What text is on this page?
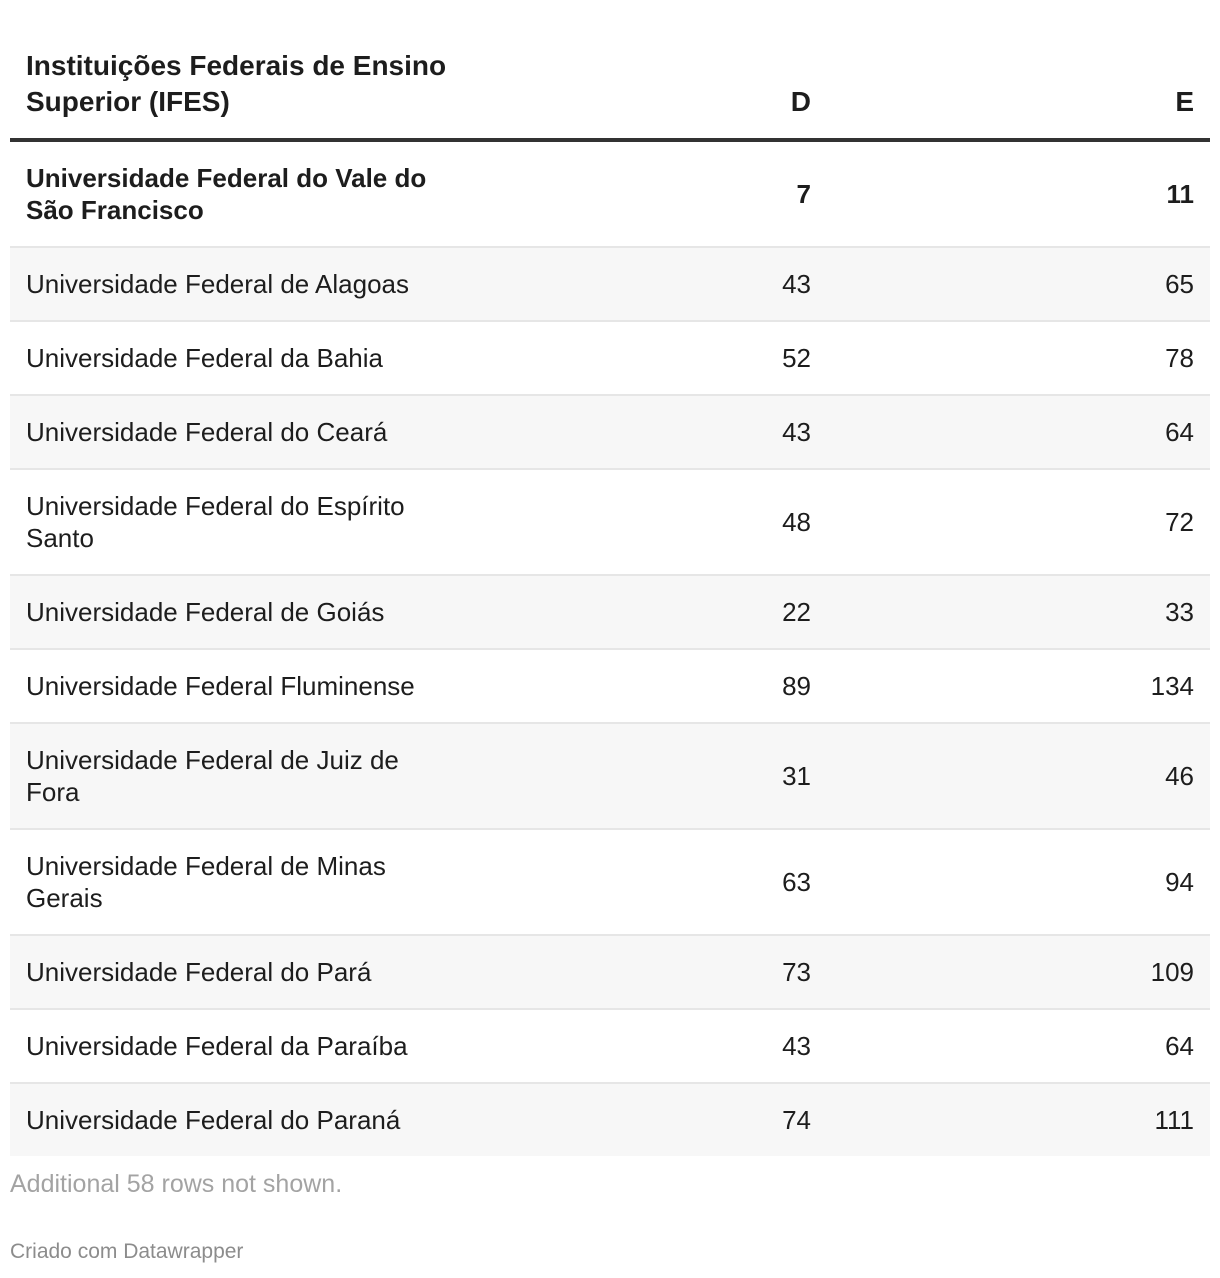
Instituições Federais de Ensino Superior (IFES)	D	E
Universidade Federal do Vale do São Francisco	7	11
Universidade Federal de Alagoas	43	65
Universidade Federal da Bahia	52	78
Universidade Federal do Ceará	43	64
Universidade Federal do Espírito Santo	48	72
Universidade Federal de Goiás	22	33
Universidade Federal Fluminense	89	134
Universidade Federal de Juiz de Fora	31	46
Universidade Federal de Minas Gerais	63	94
Universidade Federal do Pará	73	109
Universidade Federal da Paraíba	43	64
Universidade Federal do Paraná	74	111
Additional 58 rows not shown.
Criado com Datawrapper
